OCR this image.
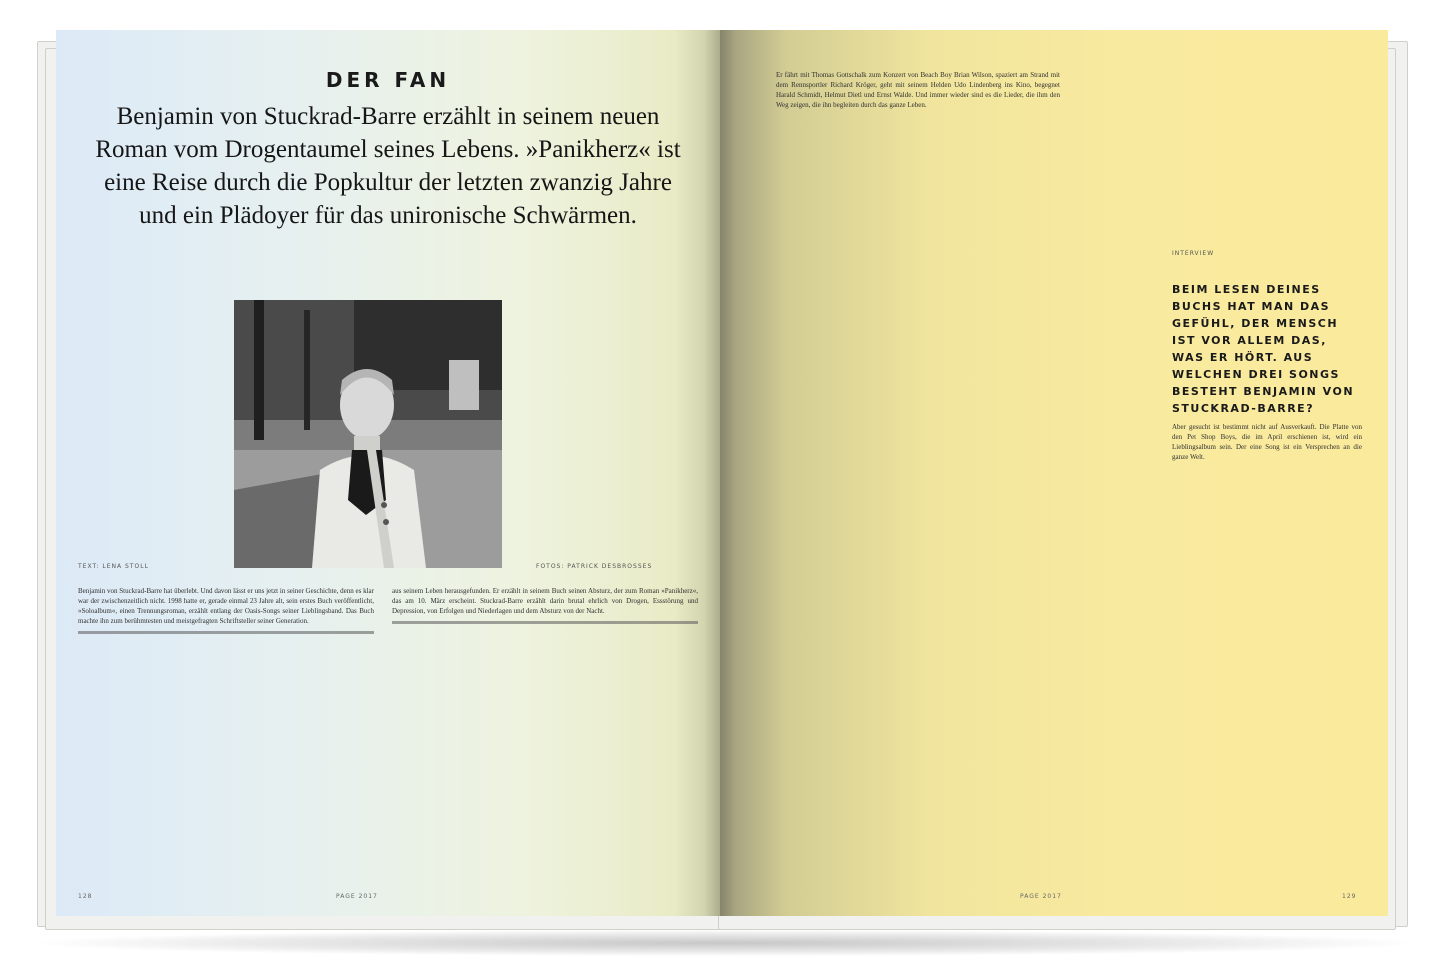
DER FAN
Benjamin von Stuckrad-Barre erzählt in seinem neuen Roman vom Drogentaumel seines Lebens. »Panikherz« ist eine Reise durch die Popkultur der letzten zwanzig Jahre und ein Plädoyer für das unironische Schwärmen.
TEXT: LENA STOLL	FOTOS: PATRICK DESBROSSES
Benjamin von Stuckrad-Barre hat überlebt. Und davon lässt er uns jetzt in seiner Geschichte, denn es klar war der zwischenzeitlich nicht. 1998 hatte er, gerade einmal 23 Jahre alt, sein erstes Buch veröffentlicht, »Soloalbum«, einen Trennungsroman, erzählt entlang der Oasis-Songs seiner Lieblingsband. Das Buch machte ihn zum berühmtesten und meistgefragten Schriftsteller seiner Generation.
aus seinem Leben herausgefunden. Er erzählt in seinem Buch seinen Absturz, der zum Roman »Panikherz«, das am 10. März erscheint. Stuckrad-Barre erzählt darin brutal ehrlich von Drogen, Essstörung und Depression, von Erfolgen und Niederlagen und dem Absturz von der Nacht.
128	PAGE 2017
Er fährt mit Thomas Gottschalk zum Konzert von Beach Boy Brian Wilson, spaziert am Strand mit dem Rennsportler Richard Kröger, geht mit seinem Helden Udo Lindenberg ins Kino, begegnet Harald Schmidt, Helmut Dietl und Ernst Walde. Und immer wieder sind es die Lieder, die ihm den Weg zeigen, die ihn begleiten durch das ganze Leben.
INTERVIEW
BEIM LESEN DEINES BUCHS HAT MAN DAS GEFÜHL, DER MENSCH IST VOR ALLEM DAS, WAS ER HÖRT. AUS WELCHEN DREI SONGS BESTEHT BENJAMIN VON STUCKRAD-BARRE?
Aber gesucht ist bestimmt nicht auf Ausverkauft. Die Platte von den Pet Shop Boys, die im April erschienen ist, wird ein Lieblingsalbum sein. Der eine Song ist ein Versprechen an die ganze Welt.
PAGE 2017	129
